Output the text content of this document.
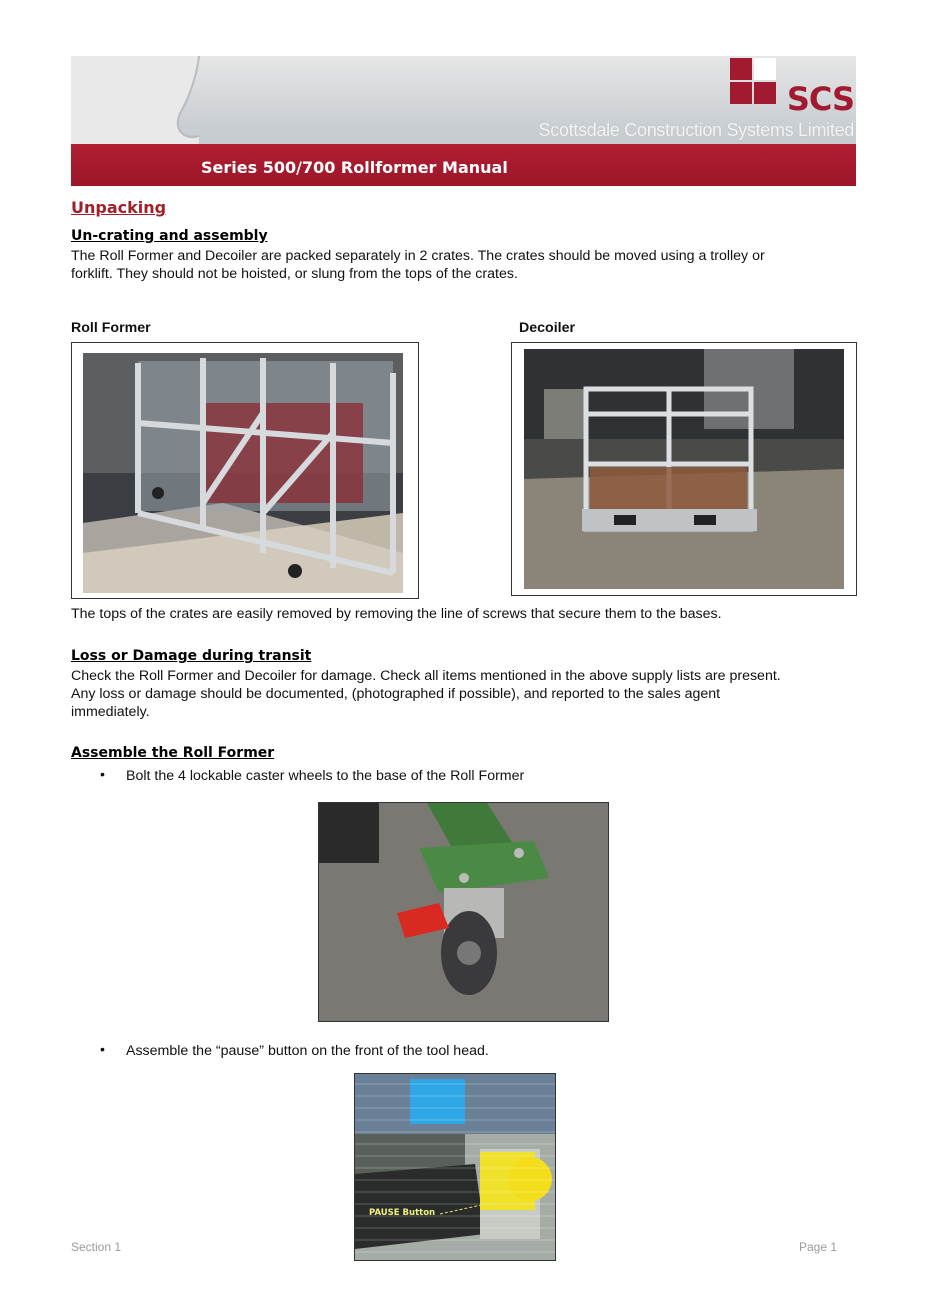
SCS
Scottsdale Construction Systems Limited
Series 500/700 Rollformer Manual
Unpacking
Un-crating and assembly
The Roll Former and Decoiler are packed separately in 2 crates. The crates should be moved using a trolley or
forklift. They should not be hoisted, or slung from the tops of the crates.
Roll Former	Decoiler
The tops of the crates are easily removed by removing the line of screws that secure them to the bases.
Loss or Damage during transit
Check the Roll Former and Decoiler for damage. Check all items mentioned in the above supply lists are present.
Any loss or damage should be documented, (photographed if possible), and reported to the sales agent
immediately.
Assemble the Roll Former
• Bolt the 4 lockable caster wheels to the base of the Roll Former
• Assemble the “pause” button on the front of the tool head.
PAUSE Button
Section 1	Page 1
